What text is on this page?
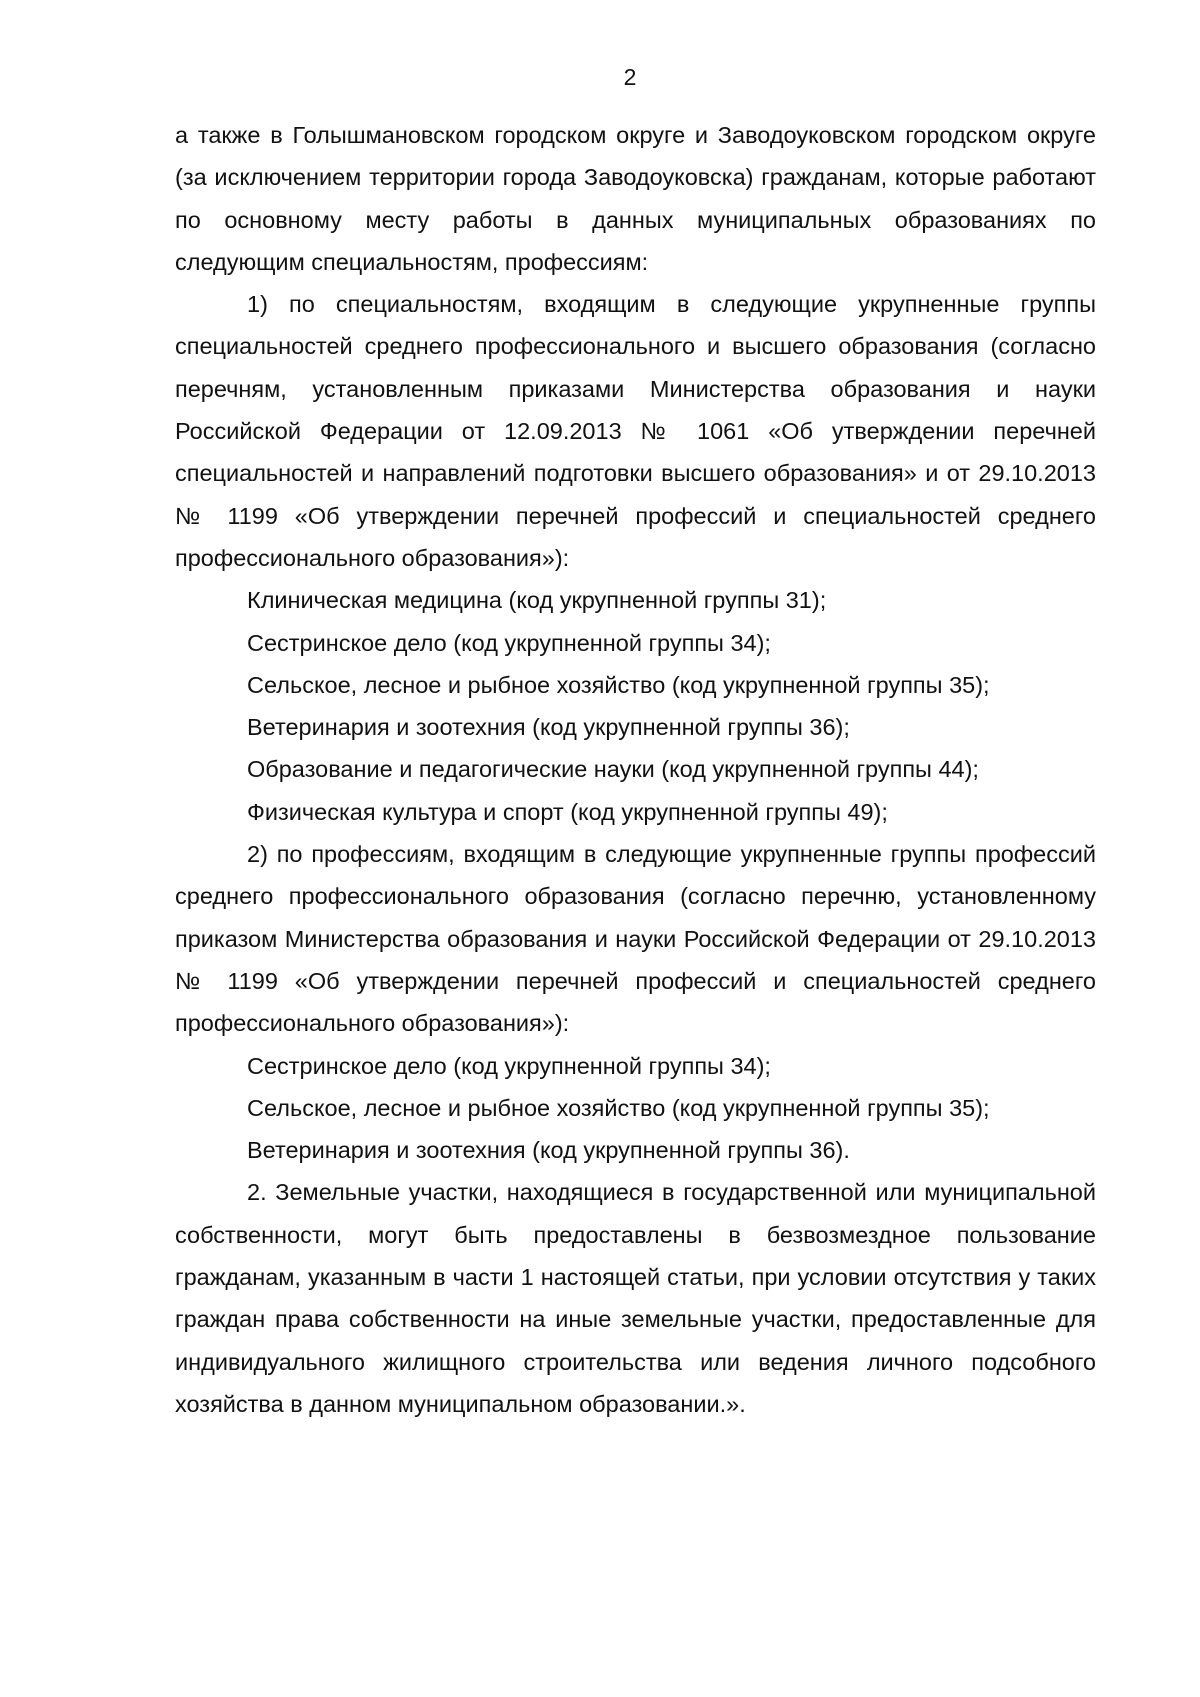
2

а также в Голышмановском городском округе и Заводоуковском городском округе (за исключением территории города Заводоуковска) гражданам, которые работают по основному месту работы в данных муниципальных образованиях по следующим специальностям, профессиям:

1) по специальностям, входящим в следующие укрупненные группы специальностей среднего профессионального и высшего образования (согласно перечням, установленным приказами Министерства образования и науки Российской Федерации от 12.09.2013 № 1061 «Об утверждении перечней специальностей и направлений подготовки высшего образования» и от 29.10.2013 № 1199 «Об утверждении перечней профессий и специальностей среднего профессионального образования»):

Клиническая медицина (код укрупненной группы 31);

Сестринское дело (код укрупненной группы 34);

Сельское, лесное и рыбное хозяйство (код укрупненной группы 35);

Ветеринария и зоотехния (код укрупненной группы 36);

Образование и педагогические науки (код укрупненной группы 44);

Физическая культура и спорт (код укрупненной группы 49);

2) по профессиям, входящим в следующие укрупненные группы профессий среднего профессионального образования (согласно перечню, установленному приказом Министерства образования и науки Российской Федерации от 29.10.2013 № 1199 «Об утверждении перечней профессий и специальностей среднего профессионального образования»):

Сестринское дело (код укрупненной группы 34);

Сельское, лесное и рыбное хозяйство (код укрупненной группы 35);

Ветеринария и зоотехния (код укрупненной группы 36).

2. Земельные участки, находящиеся в государственной или муниципальной собственности, могут быть предоставлены в безвозмездное пользование гражданам, указанным в части 1 настоящей статьи, при условии отсутствия у таких граждан права собственности на иные земельные участки, предоставленные для индивидуального жилищного строительства или ведения личного подсобного хозяйства в данном муниципальном образовании.».
